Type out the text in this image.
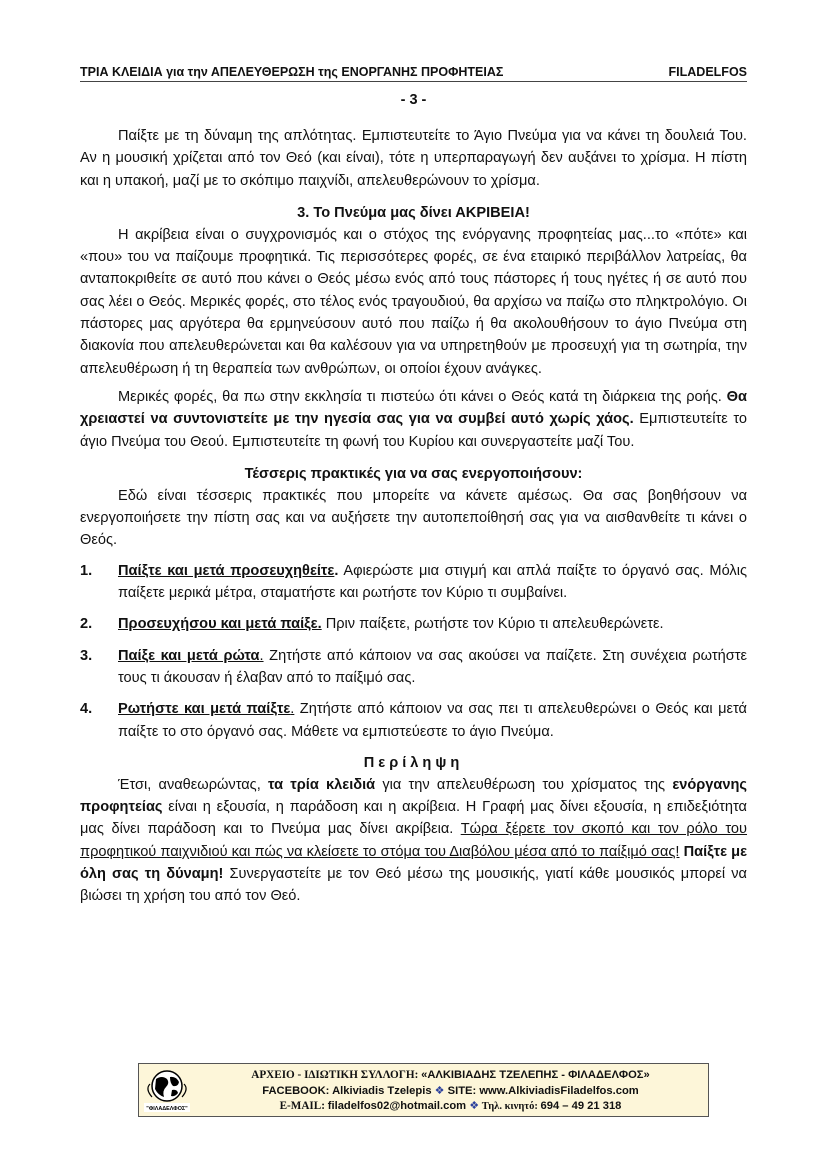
ΤΡΙΑ ΚΛΕΙΔΙΑ για την ΑΠΕΛΕΥΘΕΡΩΣΗ της ΕΝΟΡΓΑΝΗΣ ΠΡΟΦΗΤΕΙΑΣ	FILADELFOS
- 3 -

Παίξτε με τη δύναμη της απλότητας. Εμπιστευτείτε το Άγιο Πνεύμα για να κάνει τη δουλειά Του. Αν η μουσική χρίζεται από τον Θεό (και είναι), τότε η υπερπαραγωγή δεν αυξάνει το χρίσμα. Η πίστη και η υπακοή, μαζί με το σκόπιμο παιχνίδι, απελευθερώνουν το χρίσμα.

3. Το Πνεύμα μας δίνει ΑΚΡΙΒΕΙΑ!

Η ακρίβεια είναι ο συγχρονισμός και ο στόχος της ενόργανης προφητείας μας...το «πότε» και «που» του να παίζουμε προφητικά. Τις περισσότερες φορές, σε ένα εταιρικό περιβάλλον λατρείας, θα ανταποκριθείτε σε αυτό που κάνει ο Θεός μέσω ενός από τους πάστορες ή τους ηγέτες ή σε αυτό που σας λέει ο Θεός. Μερικές φορές, στο τέλος ενός τραγουδιού, θα αρχίσω να παίζω στο πληκτρολόγιο. Οι πάστορες μας αργότερα θα ερμηνεύσουν αυτό που παίζω ή θα ακολουθήσουν το άγιο Πνεύμα στη διακονία που απελευθερώνεται και θα καλέσουν για να υπηρετηθούν με προσευχή για τη σωτηρία, την απελευθέρωση ή τη θεραπεία των ανθρώπων, οι οποίοι έχουν ανάγκες.

Μερικές φορές, θα πω στην εκκλησία τι πιστεύω ότι κάνει ο Θεός κατά τη διάρκεια της ροής. Θα χρειαστεί να συντονιστείτε με την ηγεσία σας για να συμβεί αυτό χωρίς χάος. Εμπιστευτείτε το άγιο Πνεύμα του Θεού. Εμπιστευτείτε τη φωνή του Κυρίου και συνεργαστείτε μαζί Του.

Τέσσερις πρακτικές για να σας ενεργοποιήσουν:

Εδώ είναι τέσσερις πρακτικές που μπορείτε να κάνετε αμέσως. Θα σας βοηθήσουν να ενεργοποιήσετε την πίστη σας και να αυξήσετε την αυτοπεποίθησή σας για να αισθανθείτε τι κάνει ο Θεός.

1. Παίξτε και μετά προσευχηθείτε. Αφιερώστε μια στιγμή και απλά παίξτε το όργανό σας. Μόλις παίξετε μερικά μέτρα, σταματήστε και ρωτήστε τον Κύριο τι συμβαίνει.
2. Προσευχήσου και μετά παίξε. Πριν παίξετε, ρωτήστε τον Κύριο τι απελευθερώνετε.
3. Παίξε και μετά ρώτα. Ζητήστε από κάποιον να σας ακούσει να παίζετε. Στη συνέχεια ρωτήστε τους τι άκουσαν ή έλαβαν από το παίξιμό σας.
4. Ρωτήστε και μετά παίξτε. Ζητήστε από κάποιον να σας πει τι απελευθερώνει ο Θεός και μετά παίξτε το στο όργανό σας. Μάθετε να εμπιστεύεστε το άγιο Πνεύμα.
Περίληψη

Έτσι, αναθεωρώντας, τα τρία κλειδιά για την απελευθέρωση του χρίσματος της ενόργανης προφητείας είναι η εξουσία, η παράδοση και η ακρίβεια. Η Γραφή μας δίνει εξουσία, η επιδεξιότητα μας δίνει παράδοση και το Πνεύμα μας δίνει ακρίβεια. Τώρα ξέρετε τον σκοπό και τον ρόλο του προφητικού παιχνιδιού και πώς να κλείσετε το στόμα του Διαβόλου μέσα από το παίξιμό σας! Παίξτε με όλη σας τη δύναμη! Συνεργαστείτε με τον Θεό μέσω της μουσικής, γιατί κάθε μουσικός μπορεί να βιώσει τη χρήση του από τον Θεό.

"ΦΙΛΑΔΕΛΦΟΣ"
ΑΡΧΕΙΟ - ΙΔΙΩΤΙΚΗ ΣΥΛΛΟΓΗ: «ΑΛΚΙΒΙΑΔΗΣ ΤΖΕΛΕΠΗΣ - ΦΙΛΑΔΕΛΦΟΣ»
FACEBOOK: Alkiviadis Tzelepis ❖ SITE: www.AlkiviadisFiladelfos.com
E-MAIL: filadelfos02@hotmail.com ❖ Τηλ. κινητό: 694 – 49 21 318
